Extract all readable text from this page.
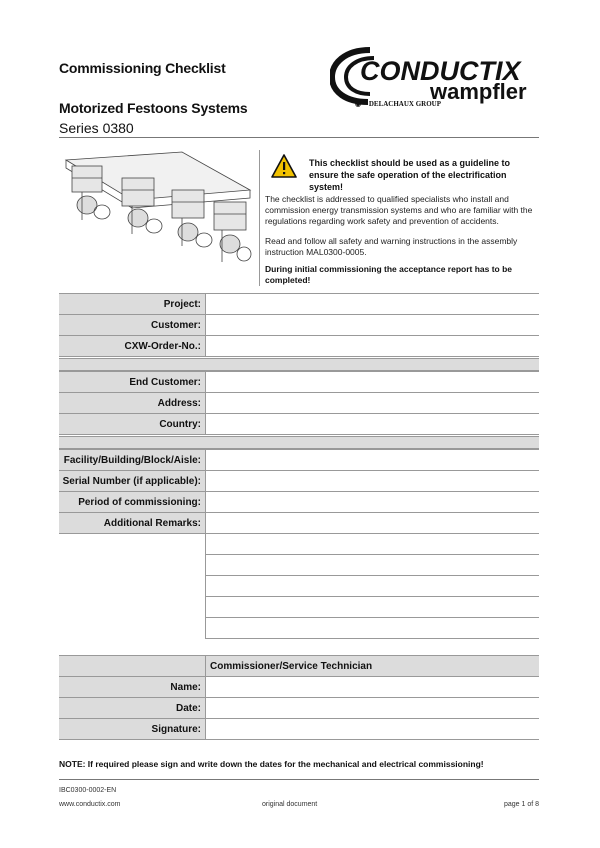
Commissioning Checklist
Motorized Festoons Systems
Series 0380
CONDUCTIX
wampfler
◉ DELACHAUX GROUP
This checklist should be used as a guideline to ensure the safe operation of the electrification system!
The checklist is addressed to qualified specialists who install and commission energy transmission systems and who are familiar with the regulations regarding work safety and prevention of accidents.
Read and follow all safety and warning instructions in the assembly instruction MAL0300-0005.
During initial commissioning the acceptance report has to be completed!
Project:	
Customer:	
CXW-Order-No.:	
End Customer:	
Address:	
Country:	
Facility/Building/Block/Aisle:	
Serial Number (if applicable):	
Period of commissioning:	
Additional Remarks:	

	Commissioner/Service Technician
Name:	
Date:	
Signature:	
NOTE: If required please sign and write down the dates for the mechanical and electrical commissioning!
IBC0300-0002-EN
www.conductix.com	original document	page 1 of 8
